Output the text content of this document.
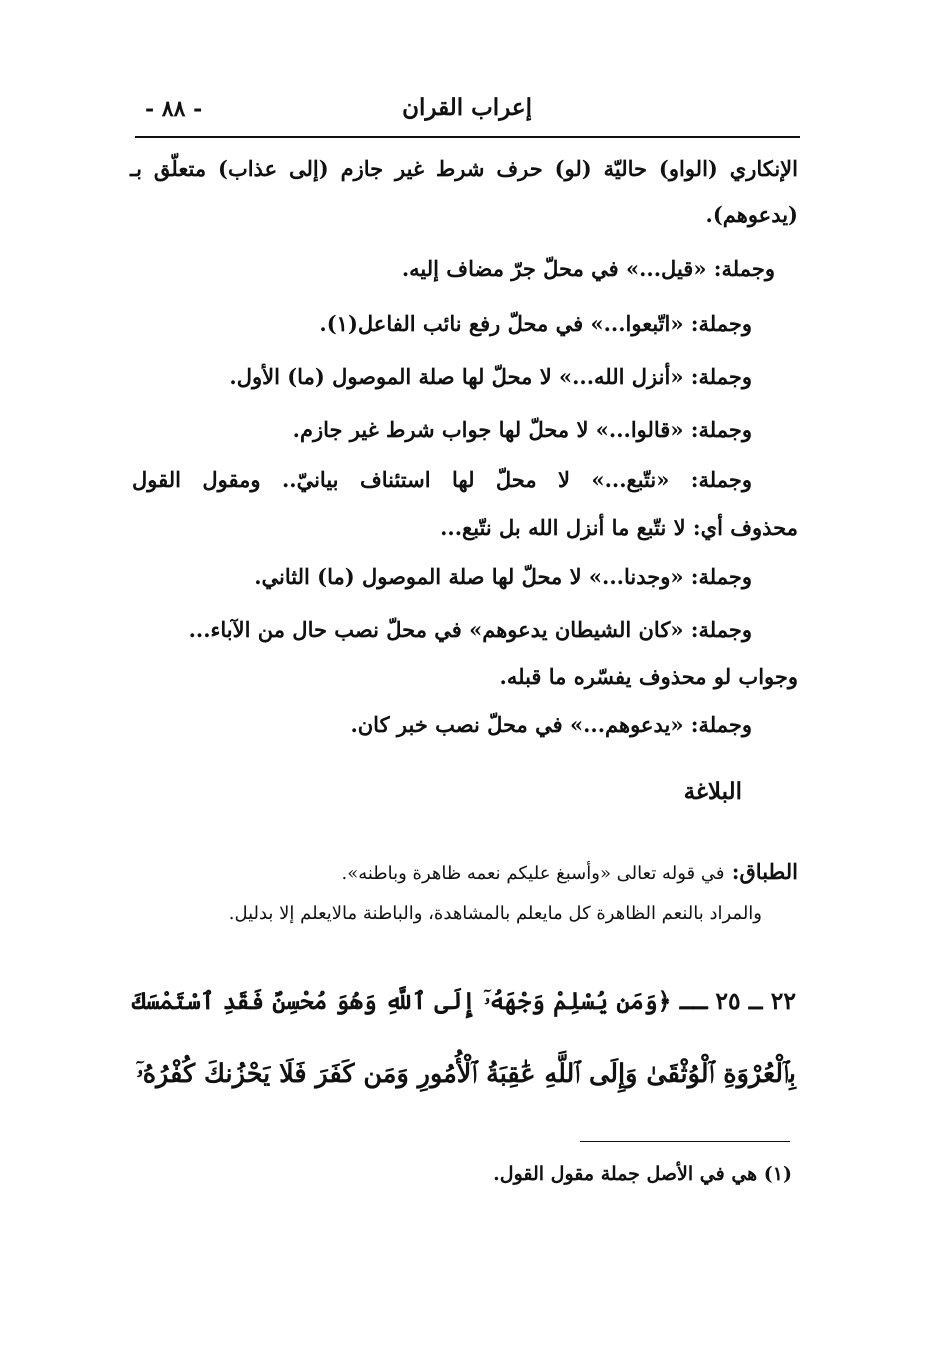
إعراب القران
- ٨٨ -
الإنكاري (الواو) حاليّة (لو) حرف شرط غير جازم (إلى عذاب) متعلّق بـ
(يدعوهم).
وجملة: «قيل...» في محلّ جرّ مضاف إليه.
وجملة: «اتّبعوا...» في محلّ رفع نائب الفاعل(١).
وجملة: «أنزل الله...» لا محلّ لها صلة الموصول (ما) الأول.
وجملة: «قالوا...» لا محلّ لها جواب شرط غير جازم.
وجملة: «نتّبع...» لا محلّ لها استئناف بيانيّ.. ومقول القول
محذوف أي: لا نتّبع ما أنزل الله بل نتّبع...
وجملة: «وجدنا...» لا محلّ لها صلة الموصول (ما) الثاني.
وجملة: «كان الشيطان يدعوهم» في محلّ نصب حال من الآباء...
وجواب لو محذوف يفسّره ما قبله.
وجملة: «يدعوهم...» في محلّ نصب خبر كان.
البلاغة
الطباق: في قوله تعالى «وأسبغ عليكم نعمه ظاهرة وباطنه».
والمراد بالنعم الظاهرة كل مايعلم بالمشاهدة، والباطنة مالايعلم إلا بدليل.
٢٢ ــ ٢٥ ــ ﴿وَمَن يُسْلِمْ وَجْهَهُۥٓ إِلَى ٱللَّهِ وَهُوَ مُحْسِنٌ فَقَدِ ٱسْتَمْسَكَ
بِٱلْعُرْوَةِ ٱلْوُثْقَىٰ وَإِلَى ٱللَّهِ عَٰقِبَةُ ٱلْأُمُورِ وَمَن كَفَرَ فَلَا يَحْزُنكَ كُفْرُهُۥٓ
(١) هي في الأصل جملة مقول القول.
